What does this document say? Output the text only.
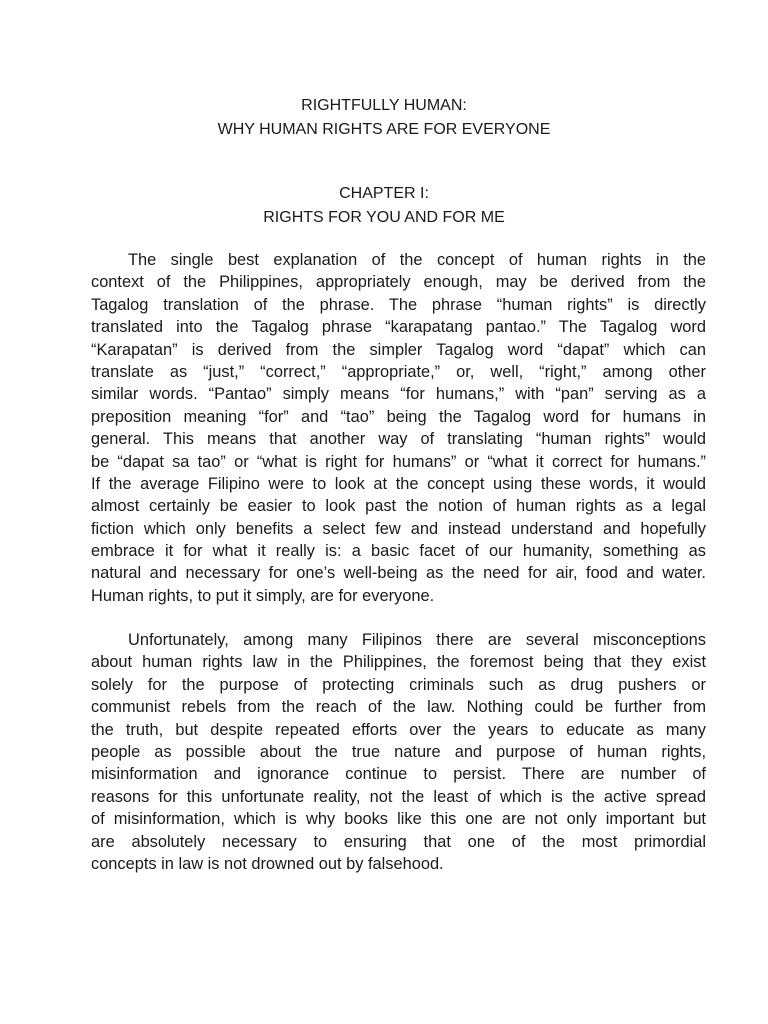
RIGHTFULLY HUMAN:
WHY HUMAN RIGHTS ARE FOR EVERYONE
CHAPTER I:
RIGHTS FOR YOU AND FOR ME
The single best explanation of the concept of human rights in the
context of the Philippines, appropriately enough, may be derived from the
Tagalog translation of the phrase. The phrase “human rights” is directly
translated into the Tagalog phrase “karapatang pantao.” The Tagalog word
“Karapatan” is derived from the simpler Tagalog word “dapat” which can
translate as “just,” “correct,” “appropriate,” or, well, “right,” among other
similar words. “Pantao” simply means “for humans,” with “pan” serving as a
preposition meaning “for” and “tao” being the Tagalog word for humans in
general. This means that another way of translating “human rights” would
be “dapat sa tao” or “what is right for humans” or “what it correct for humans.”
If the average Filipino were to look at the concept using these words, it would
almost certainly be easier to look past the notion of human rights as a legal
fiction which only benefits a select few and instead understand and hopefully
embrace it for what it really is: a basic facet of our humanity, something as
natural and necessary for one’s well-being as the need for air, food and water.
Human rights, to put it simply, are for everyone.
Unfortunately, among many Filipinos there are several misconceptions
about human rights law in the Philippines, the foremost being that they exist
solely for the purpose of protecting criminals such as drug pushers or
communist rebels from the reach of the law. Nothing could be further from
the truth, but despite repeated efforts over the years to educate as many
people as possible about the true nature and purpose of human rights,
misinformation and ignorance continue to persist. There are number of
reasons for this unfortunate reality, not the least of which is the active spread
of misinformation, which is why books like this one are not only important but
are absolutely necessary to ensuring that one of the most primordial
concepts in law is not drowned out by falsehood.
